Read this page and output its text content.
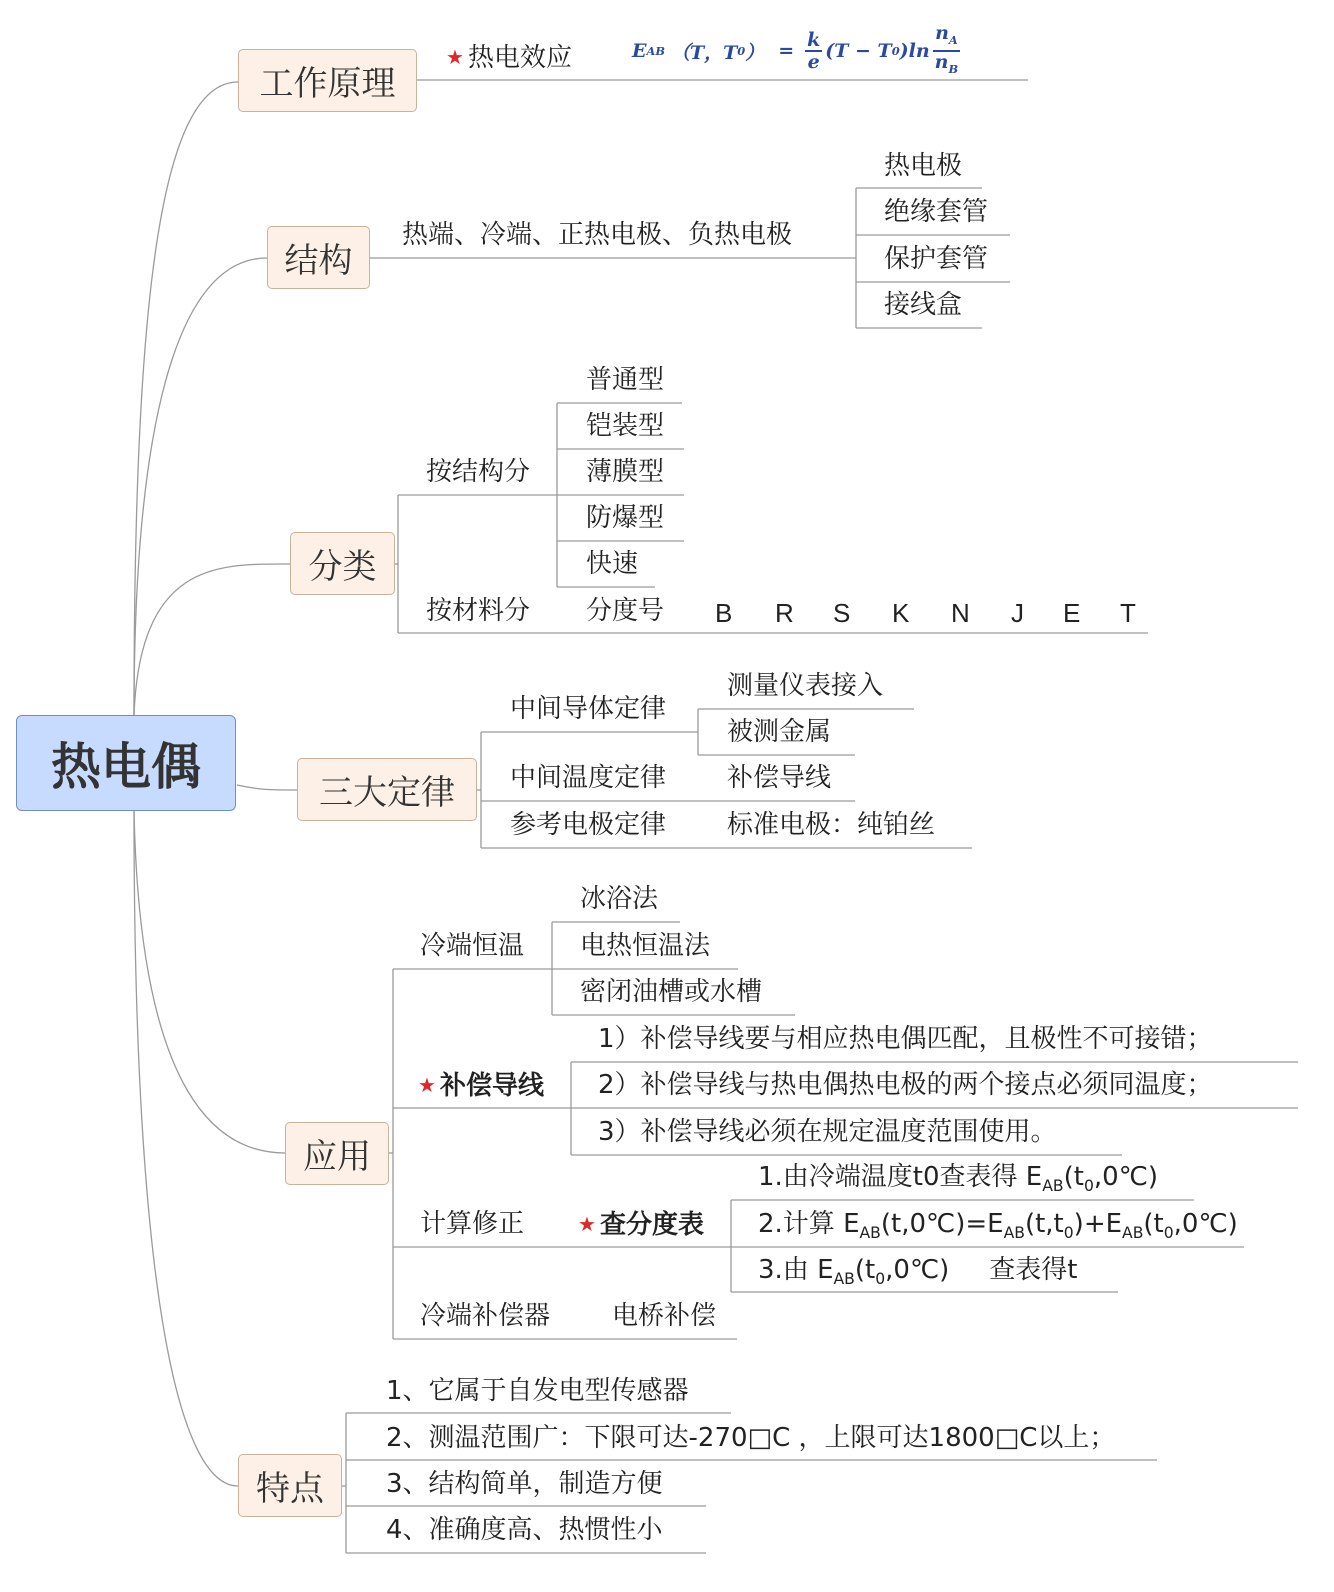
热电偶
工作原理
★ 热电效应	E AB （T，T 0 ） = $\frac{k}{e} (T - T$ 0 )$\ln \frac{n_A}{n_B}$
结构
热端、冷端、正热电极、负热电极
热电极
绝缘套管
保护套管
接线盒
分类
按结构分
普通型
铠装型
薄膜型
防爆型
快速
按材料分 分度号 B R S K N J E T
三大定律
中间导体定律
测量仪表接入
被测金属
中间温度定律 补偿导线
参考电极定律 标准电极：纯铂丝
应用
冷端恒温
冰浴法
电热恒温法
密闭油槽或水槽
★ 补偿导线
1）补偿导线要与相应热电偶匹配，且极性不可接错；
2）补偿导线与热电偶热电极的两个接点必须同温度；
3）补偿导线必须在规定温度范围使用。
计算修正	★ 查分度表
1.由冷端温度t0查表得 $E_{AB}(t_0,0℃)$
2.计算 $E_{AB}(t,0℃)=E_{AB}(t,t_0)+E_{AB}(t_0,0℃)$
3.由 $E_{AB}(t_0,0℃)$ 查表得t
冷端补偿器 电桥补偿
特点
1、它属于自发电型传感器
2、测温范围广：下限可达-270□C ，上限可达1800□C以上；
3、结构简单，制造方便
4、准确度高、热惯性小
